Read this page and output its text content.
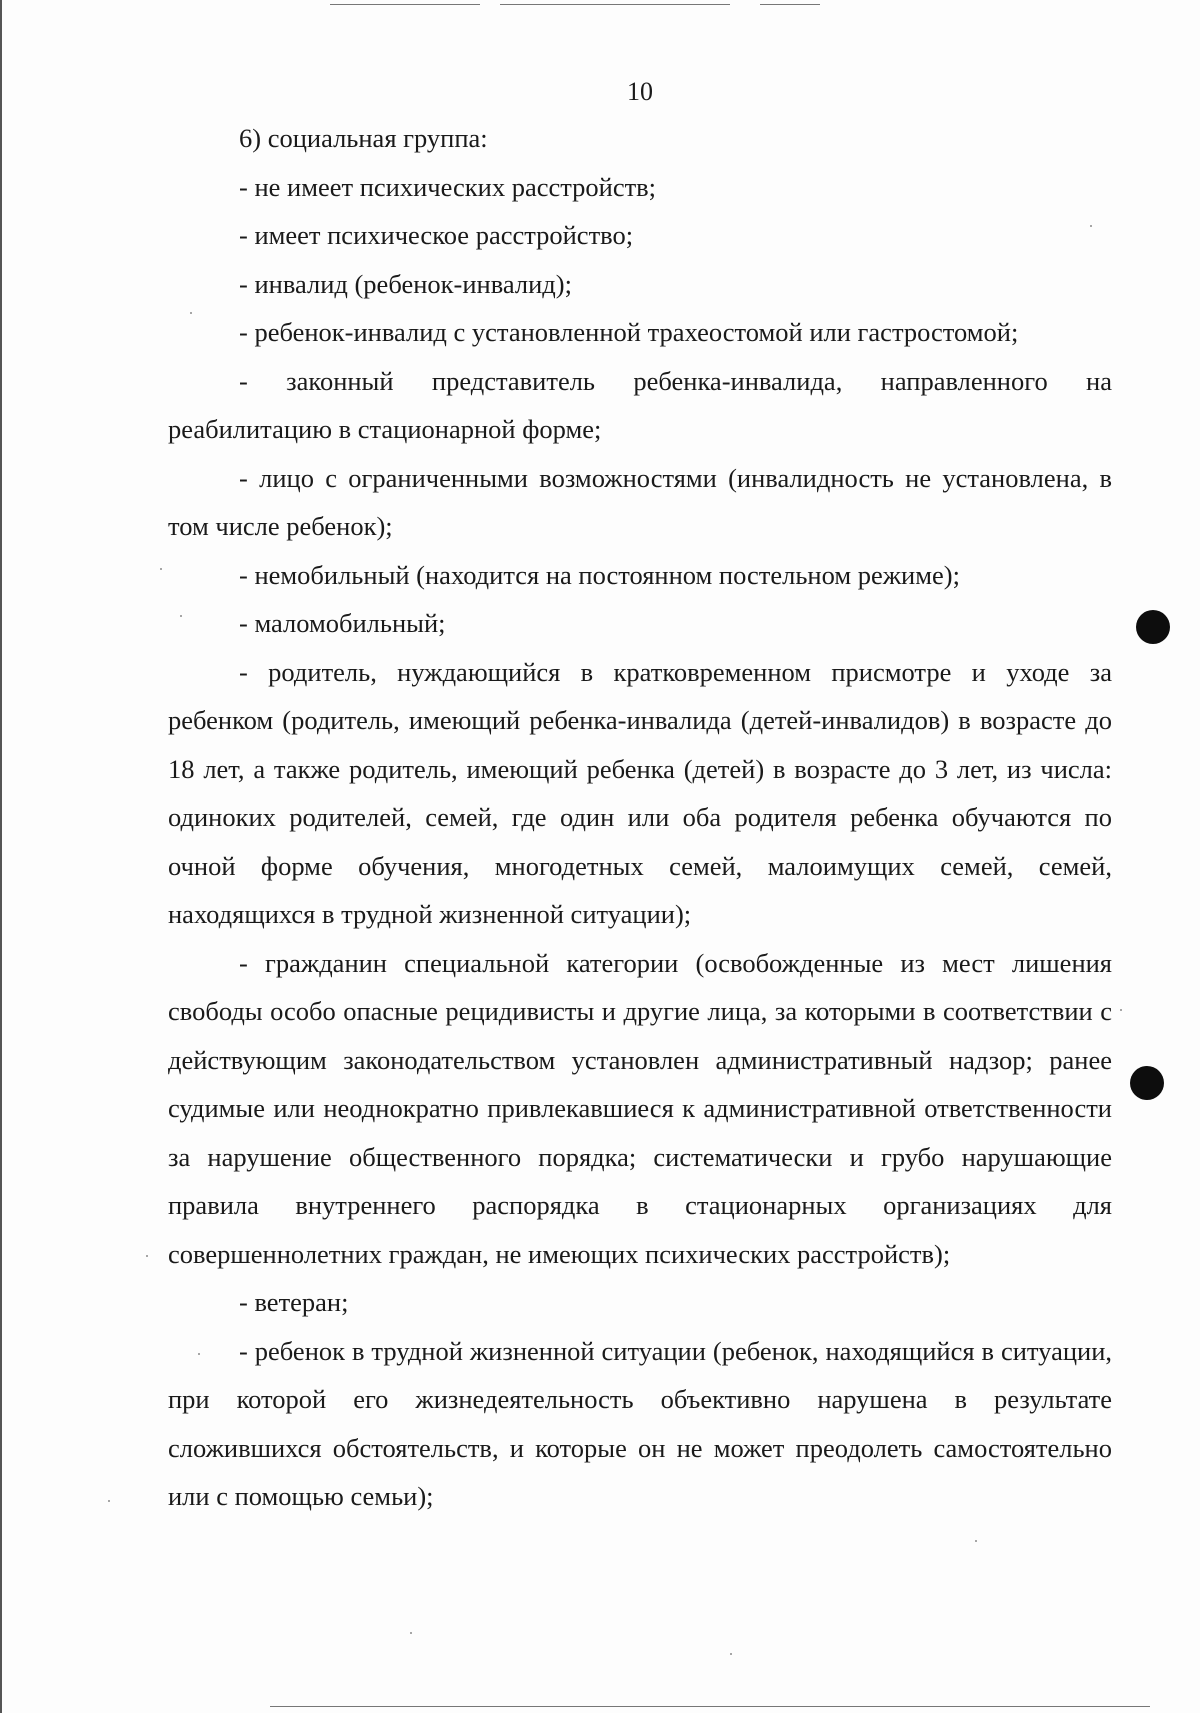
10

6) социальная группа:

- не имеет психических расстройств;

- имеет психическое расстройство;

- инвалид (ребенок-инвалид);

- ребенок-инвалид с установленной трахеостомой или гастростомой;

- законный представитель ребенка-инвалида, направленного на реабилитацию в стационарной форме;

- лицо с ограниченными возможностями (инвалидность не установлена, в том числе ребенок);

- немобильный (находится на постоянном постельном режиме);

- маломобильный;

- родитель, нуждающийся в кратковременном присмотре и уходе за ребенком (родитель, имеющий ребенка-инвалида (детей-инвалидов) в возрасте до 18 лет, а также родитель, имеющий ребенка (детей) в возрасте до 3 лет, из числа: одиноких родителей, семей, где один или оба родителя ребенка обучаются по очной форме обучения, многодетных семей, малоимущих семей, семей, находящихся в трудной жизненной ситуации);

- гражданин специальной категории (освобожденные из мест лишения свободы особо опасные рецидивисты и другие лица, за которыми в соответствии с действующим законодательством установлен административный надзор; ранее судимые или неоднократно привлекавшиеся к административной ответственности за нарушение общественного порядка; систематически и грубо нарушающие правила внутреннего распорядка в стационарных организациях для совершеннолетних граждан, не имеющих психических расстройств);

- ветеран;

- ребенок в трудной жизненной ситуации (ребенок, находящийся в ситуации, при которой его жизнедеятельность объективно нарушена в результате сложившихся обстоятельств, и которые он не может преодолеть самостоятельно или с помощью семьи);
